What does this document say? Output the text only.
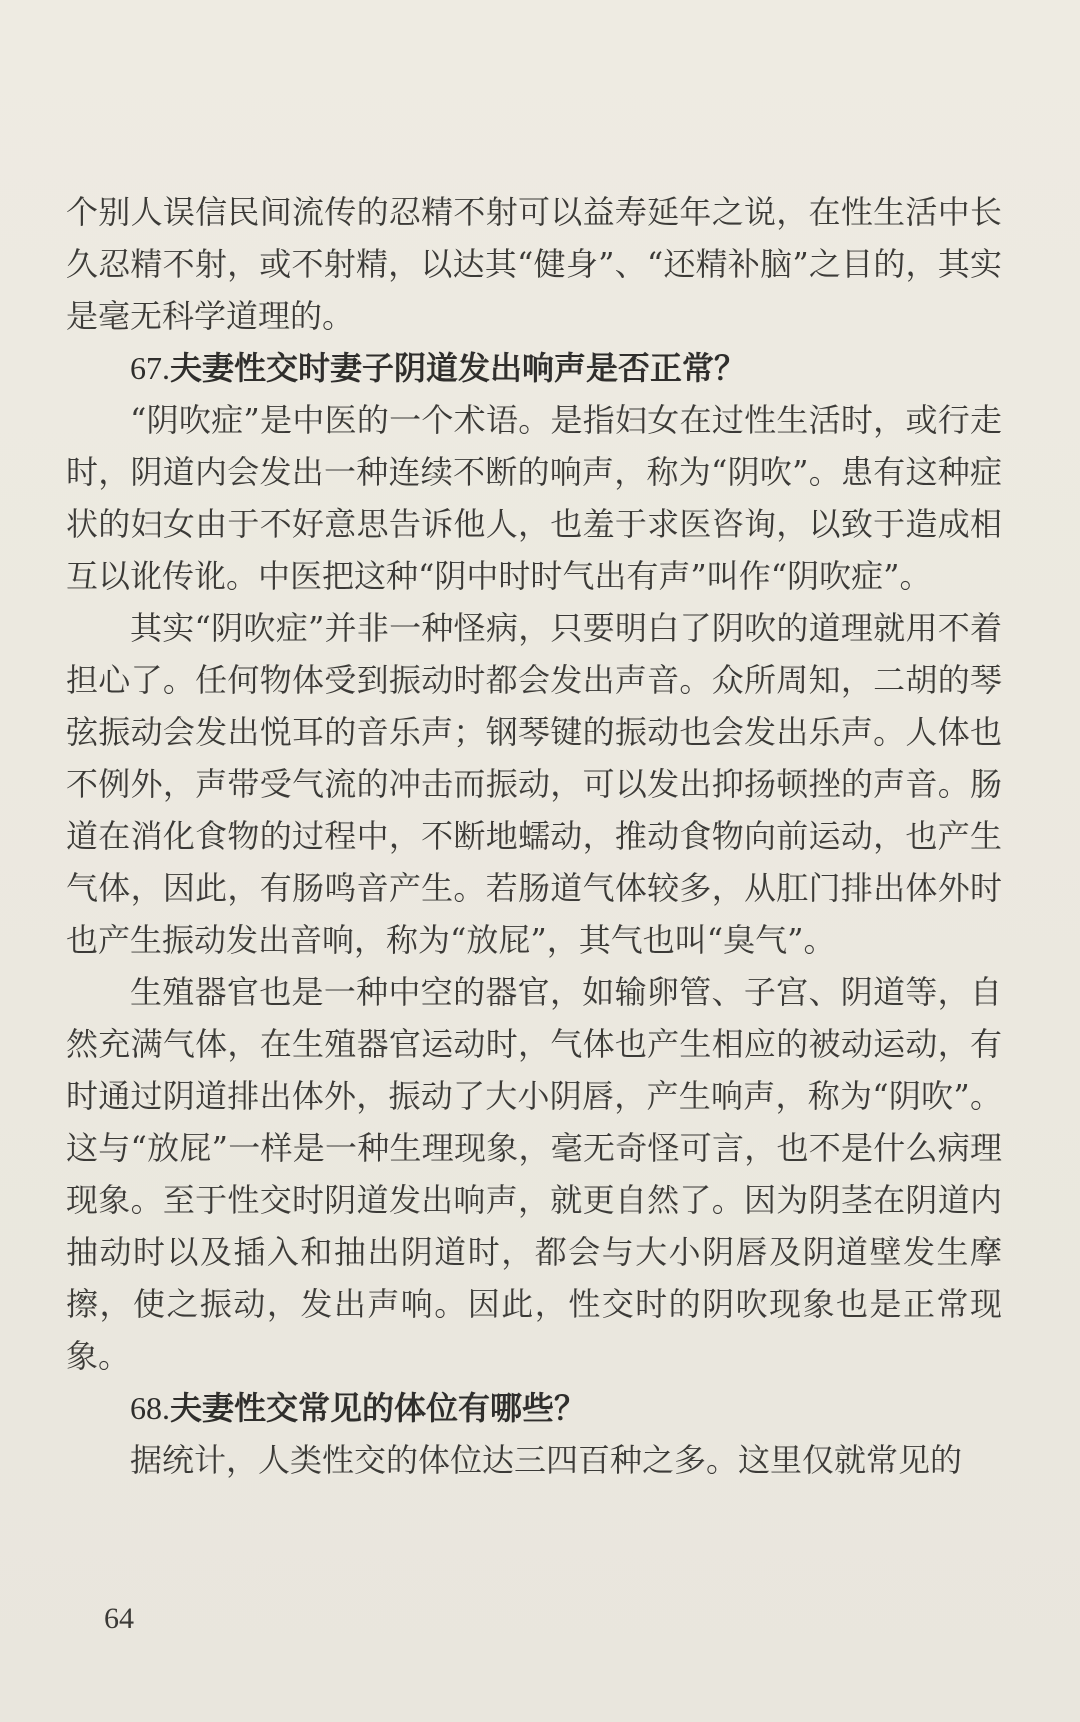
个别人误信民间流传的忍精不射可以益寿延年之说，在性生活中长久忍精不射，或不射精，以达其“健身”、“还精补脑”之目的，其实是毫无科学道理的。

67.夫妻性交时妻子阴道发出响声是否正常？

“阴吹症”是中医的一个术语。是指妇女在过性生活时，或行走时，阴道内会发出一种连续不断的响声，称为“阴吹”。患有这种症状的妇女由于不好意思告诉他人，也羞于求医咨询，以致于造成相互以讹传讹。中医把这种“阴中时时气出有声”叫作“阴吹症”。

其实“阴吹症”并非一种怪病，只要明白了阴吹的道理就用不着担心了。任何物体受到振动时都会发出声音。众所周知，二胡的琴弦振动会发出悦耳的音乐声；钢琴键的振动也会发出乐声。人体也不例外，声带受气流的冲击而振动，可以发出抑扬顿挫的声音。肠道在消化食物的过程中，不断地蠕动，推动食物向前运动，也产生气体，因此，有肠鸣音产生。若肠道气体较多，从肛门排出体外时也产生振动发出音响，称为“放屁”，其气也叫“臭气”。

生殖器官也是一种中空的器官，如输卵管、子宫、阴道等，自然充满气体，在生殖器官运动时，气体也产生相应的被动运动，有时通过阴道排出体外，振动了大小阴唇，产生响声，称为“阴吹”。这与“放屁”一样是一种生理现象，毫无奇怪可言，也不是什么病理现象。至于性交时阴道发出响声，就更自然了。因为阴茎在阴道内抽动时以及插入和抽出阴道时，都会与大小阴唇及阴道壁发生摩擦，使之振动，发出声响。因此，性交时的阴吹现象也是正常现象。

68.夫妻性交常见的体位有哪些？

据统计，人类性交的体位达三四百种之多。这里仅就常见的

64
